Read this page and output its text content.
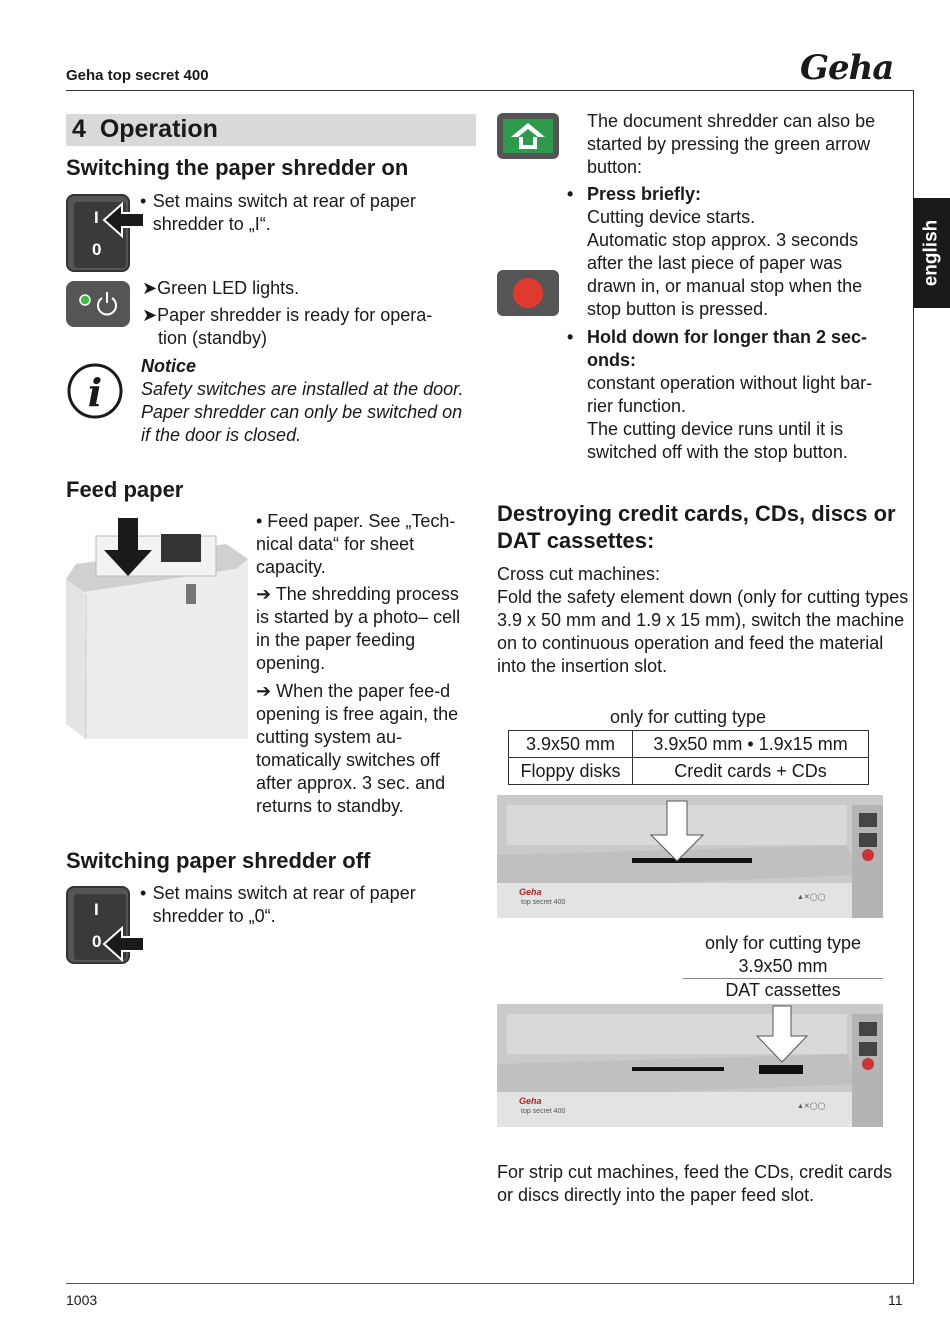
Geha top secret 400	Geha
english
4 Operation
Switching the paper shredder on
I
0
• Set mains switch at rear of paper shredder to „I“.
➤Green LED lights.
➤Paper shredder is ready for opera-
tion (standby)
i
Notice
Safety switches are installed at the door. Paper shredder can only be switched on if the door is closed.
Feed paper
• Feed paper. See „Tech-nical data“ for sheet capacity.
➔ The shredding process is started by a photo– cell in the paper feeding opening.
➔ When the paper fee-d opening is free again, the cutting system au-tomatically switches off after approx. 3 sec. and returns to standby.
Switching paper shredder off
I
0
• Set mains switch at rear of paper shredder to „0“.
The document shredder can also be started by pressing the green arrow button:
• Press briefly:
Cutting device starts.
Automatic stop approx. 3 seconds after the last piece of paper was drawn in, or manual stop when the stop button is pressed.
• Hold down for longer than 2 sec-onds:
constant operation without light bar-rier function.
The cutting device runs until it is switched off with the stop button.
Destroying credit cards, CDs, discs or DAT cassettes:
Cross cut machines:
Fold the safety element down (only for cutting types 3.9 x 50 mm and 1.9 x 15 mm), switch the machine on to continuous operation and feed the material into the insertion slot.
only for cutting type
3.9x50 mm	3.9x50 mm • 1.9x15 mm
Floppy disks	Credit cards + CDs
Geha
top secret 400
▲✕◯◯
only for cutting type
3.9x50 mm
DAT cassettes
Geha
top secret 400
▲✕◯◯
For strip cut machines, feed the CDs, credit cards or discs directly into the paper feed slot.
1003	11
